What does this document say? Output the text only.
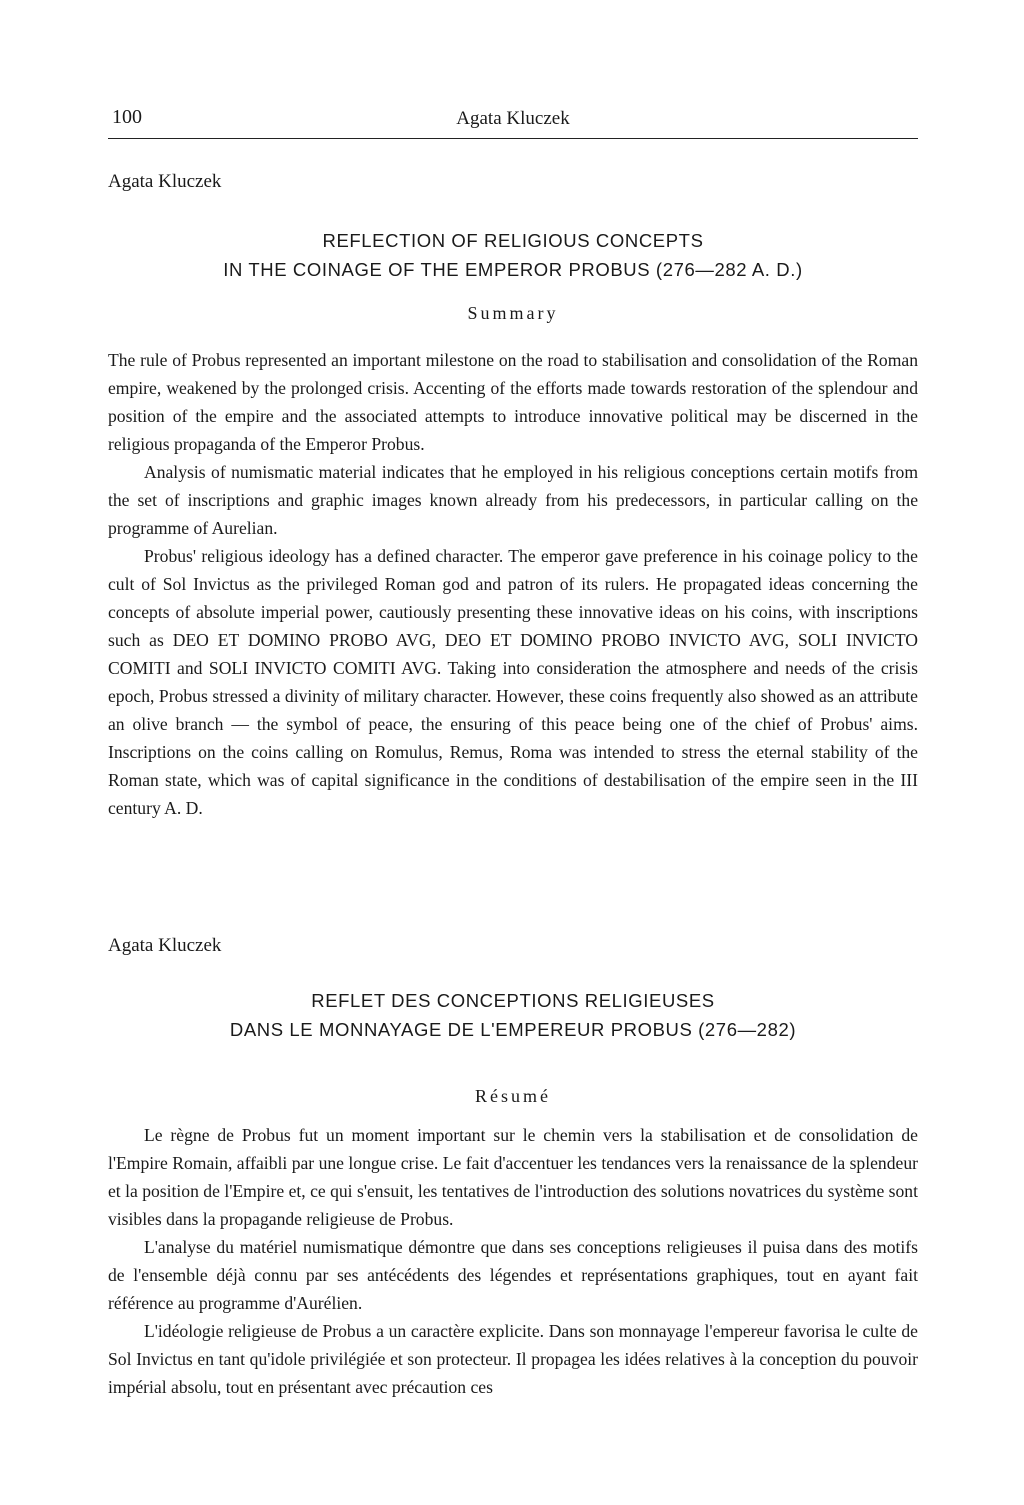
100	Agata Kluczek
Agata Kluczek
REFLECTION OF RELIGIOUS CONCEPTS
IN THE COINAGE OF THE EMPEROR PROBUS (276—282 A. D.)
Summary

The rule of Probus represented an important milestone on the road to stabilisation and consolidation of the Roman empire, weakened by the prolonged crisis. Accenting of the efforts made towards restoration of the splendour and position of the empire and the associated attempts to introduce innovative political may be discerned in the religious propaganda of the Emperor Probus.

Analysis of numismatic material indicates that he employed in his religious conceptions certain motifs from the set of inscriptions and graphic images known already from his predecessors, in particular calling on the programme of Aurelian.

Probus' religious ideology has a defined character. The emperor gave preference in his coinage policy to the cult of Sol Invictus as the privileged Roman god and patron of its rulers. He propagated ideas concerning the concepts of absolute imperial power, cautiously presenting these innovative ideas on his coins, with inscriptions such as DEO ET DOMINO PROBO AVG, DEO ET DOMINO PROBO INVICTO AVG, SOLI INVICTO COMITI and SOLI INVICTO COMITI AVG. Taking into consideration the atmosphere and needs of the crisis epoch, Probus stressed a divinity of military character. However, these coins frequently also showed as an attribute an olive branch — the symbol of peace, the ensuring of this peace being one of the chief of Probus' aims. Inscriptions on the coins calling on Romulus, Remus, Roma was intended to stress the eternal stability of the Roman state, which was of capital significance in the conditions of destabilisation of the empire seen in the III century A. D.

Agata Kluczek
REFLET DES CONCEPTIONS RELIGIEUSES
DANS LE MONNAYAGE DE L'EMPEREUR PROBUS (276—282)
Résumé

Le règne de Probus fut un moment important sur le chemin vers la stabilisation et de consolidation de l'Empire Romain, affaibli par une longue crise. Le fait d'accentuer les tendances vers la renaissance de la splendeur et la position de l'Empire et, ce qui s'ensuit, les tentatives de l'introduction des solutions novatrices du système sont visibles dans la propagande religieuse de Probus.

L'analyse du matériel numismatique démontre que dans ses conceptions religieuses il puisa dans des motifs de l'ensemble déjà connu par ses antécédents des légendes et représentations graphiques, tout en ayant fait référence au programme d'Aurélien.

L'idéologie religieuse de Probus a un caractère explicite. Dans son monnayage l'empereur favorisa le culte de Sol Invictus en tant qu'idole privilégiée et son protecteur. Il propagea les idées relatives à la conception du pouvoir impérial absolu, tout en présentant avec précaution ces
